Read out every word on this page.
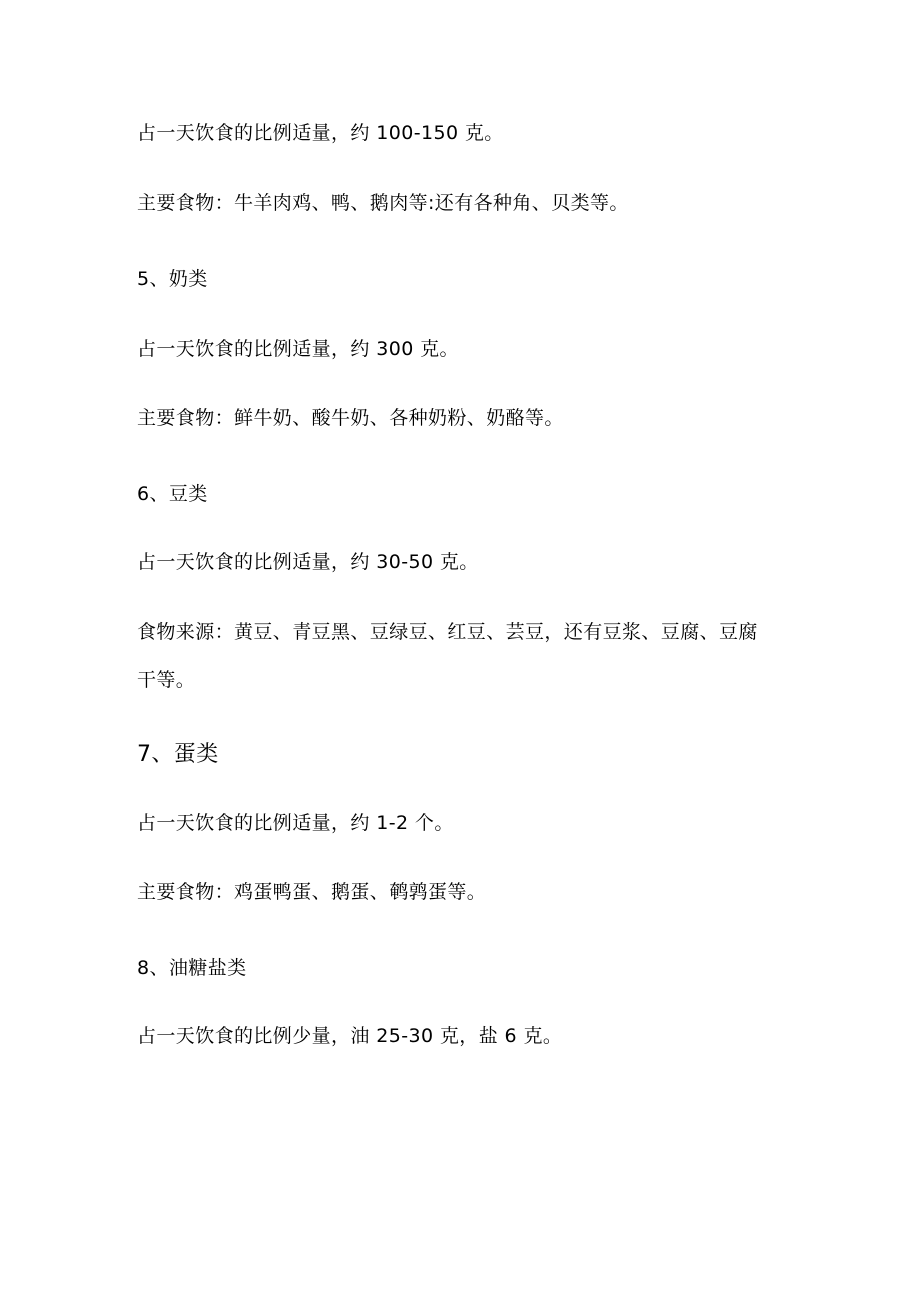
占一天饮食的比例适量，约 100-150 克。
主要食物：牛羊肉鸡、鸭、鹅肉等:还有各种角、贝类等。
5、奶类
占一天饮食的比例适量，约 300 克。
主要食物：鲜牛奶、酸牛奶、各种奶粉、奶酪等。
6、豆类
占一天饮食的比例适量，约 30-50 克。
食物来源：黄豆、青豆黑、豆绿豆、红豆、芸豆，还有豆浆、豆腐、豆腐
干等。
7、蛋类
占一天饮食的比例适量，约 1-2 个。
主要食物：鸡蛋鸭蛋、鹅蛋、鹌鹑蛋等。
8、油糖盐类
占一天饮食的比例少量，油 25-30 克，盐 6 克。
